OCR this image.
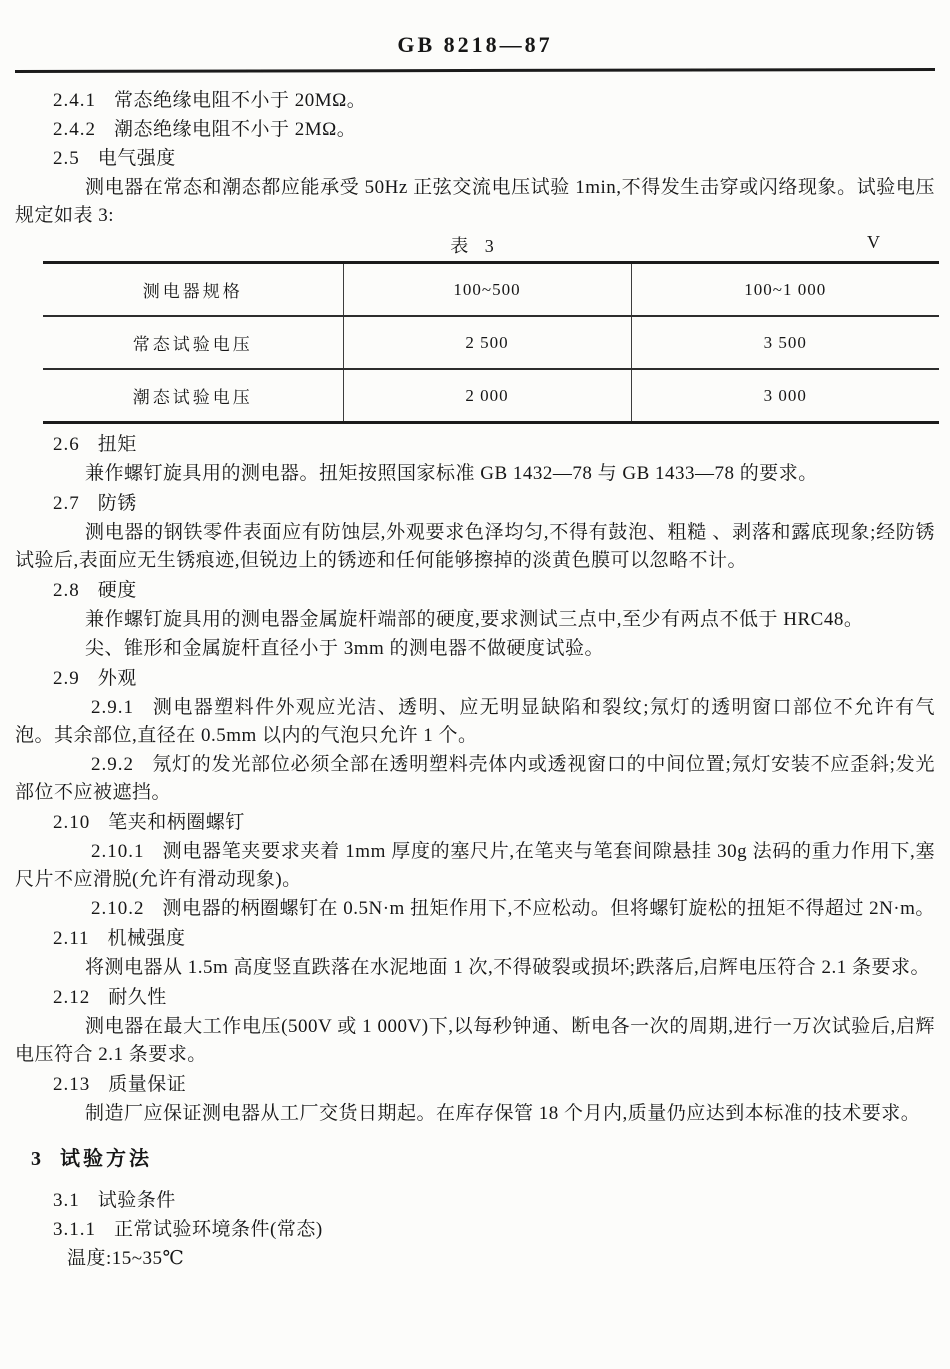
GB 8218—87
2.4.1 常态绝缘电阻不小于 20MΩ。
2.4.2 潮态绝缘电阻不小于 2MΩ。
2.5 电气强度
测电器在常态和潮态都应能承受 50Hz 正弦交流电压试验 1min,不得发生击穿或闪络现象。试验电压规定如表 3:
表 3	V
测电器规格	100~500	100~1 000
常态试验电压	2 500	3 500
潮态试验电压	2 000	3 000
2.6 扭矩
兼作螺钉旋具用的测电器。扭矩按照国家标准 GB 1432—78 与 GB 1433—78 的要求。
2.7 防锈
测电器的钢铁零件表面应有防蚀层,外观要求色泽均匀,不得有鼓泡、粗糙 、剥落和露底现象;经防锈试验后,表面应无生锈痕迹,但锐边上的锈迹和任何能够擦掉的淡黄色膜可以忽略不计。
2.8 硬度
兼作螺钉旋具用的测电器金属旋杆端部的硬度,要求测试三点中,至少有两点不低于 HRC48。
尖、锥形和金属旋杆直径小于 3mm 的测电器不做硬度试验。
2.9 外观
2.9.1 测电器塑料件外观应光洁、透明、应无明显缺陷和裂纹;氖灯的透明窗口部位不允许有气泡。其余部位,直径在 0.5mm 以内的气泡只允许 1 个。
2.9.2 氖灯的发光部位必须全部在透明塑料壳体内或透视窗口的中间位置;氖灯安装不应歪斜;发光部位不应被遮挡。
2.10 笔夹和柄圈螺钉
2.10.1 测电器笔夹要求夹着 1mm 厚度的塞尺片,在笔夹与笔套间隙悬挂 30g 法码的重力作用下,塞尺片不应滑脱(允许有滑动现象)。
2.10.2 测电器的柄圈螺钉在 0.5N·m 扭矩作用下,不应松动。但将螺钉旋松的扭矩不得超过 2N·m。
2.11 机械强度
将测电器从 1.5m 高度竖直跌落在水泥地面 1 次,不得破裂或损坏;跌落后,启辉电压符合 2.1 条要求。
2.12 耐久性
测电器在最大工作电压(500V 或 1 000V)下,以每秒钟通、断电各一次的周期,进行一万次试验后,启辉电压符合 2.1 条要求。
2.13 质量保证
制造厂应保证测电器从工厂交货日期起。在库存保管 18 个月内,质量仍应达到本标准的技术要求。
3 试验方法
3.1 试验条件
3.1.1 正常试验环境条件(常态)
温度:15~35℃
